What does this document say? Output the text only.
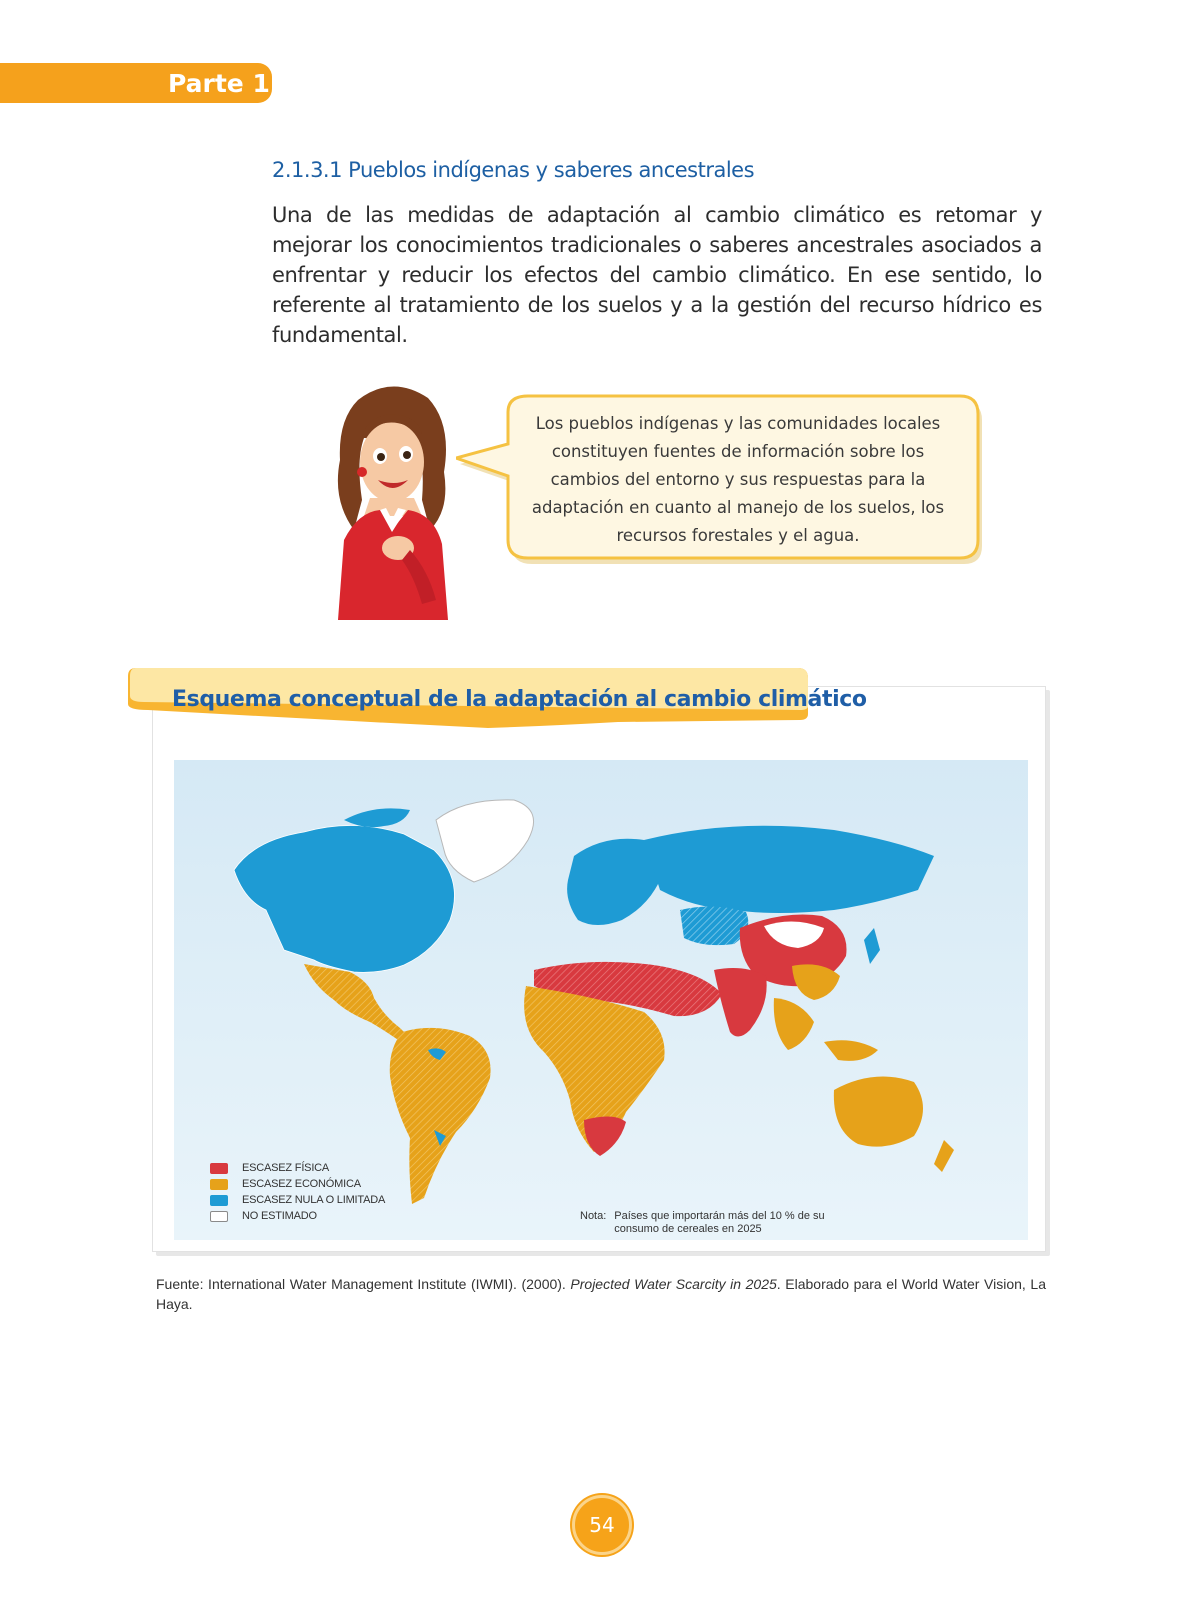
Parte 1
2.1.3.1 Pueblos indígenas y saberes ancestrales
Una de las medidas de adaptación al cambio climático es retomar y mejorar los conocimientos tradicionales o saberes ancestrales asociados a enfrentar y reducir los efectos del cambio climático. En ese sentido, lo referente al tratamiento de los suelos y a la gestión del recurso hídrico es fundamental.
Los pueblos indígenas y las comunidades locales constituyen fuentes de información sobre los cambios del entorno y sus respuestas para la adaptación en cuanto al manejo de los suelos, los recursos forestales y el agua.
Esquema conceptual de la adaptación al cambio climático
ESCASEZ FÍSICA
ESCASEZ ECONÓMICA
ESCASEZ NULA O LIMITADA
NO ESTIMADO	Nota: Países que importarán más del 10 % de su consumo de cereales en 2025
Fuente: International Water Management Institute (IWMI). (2000). Projected Water Scarcity in 2025. Elaborado para el World Water Vision, La Haya.
54
